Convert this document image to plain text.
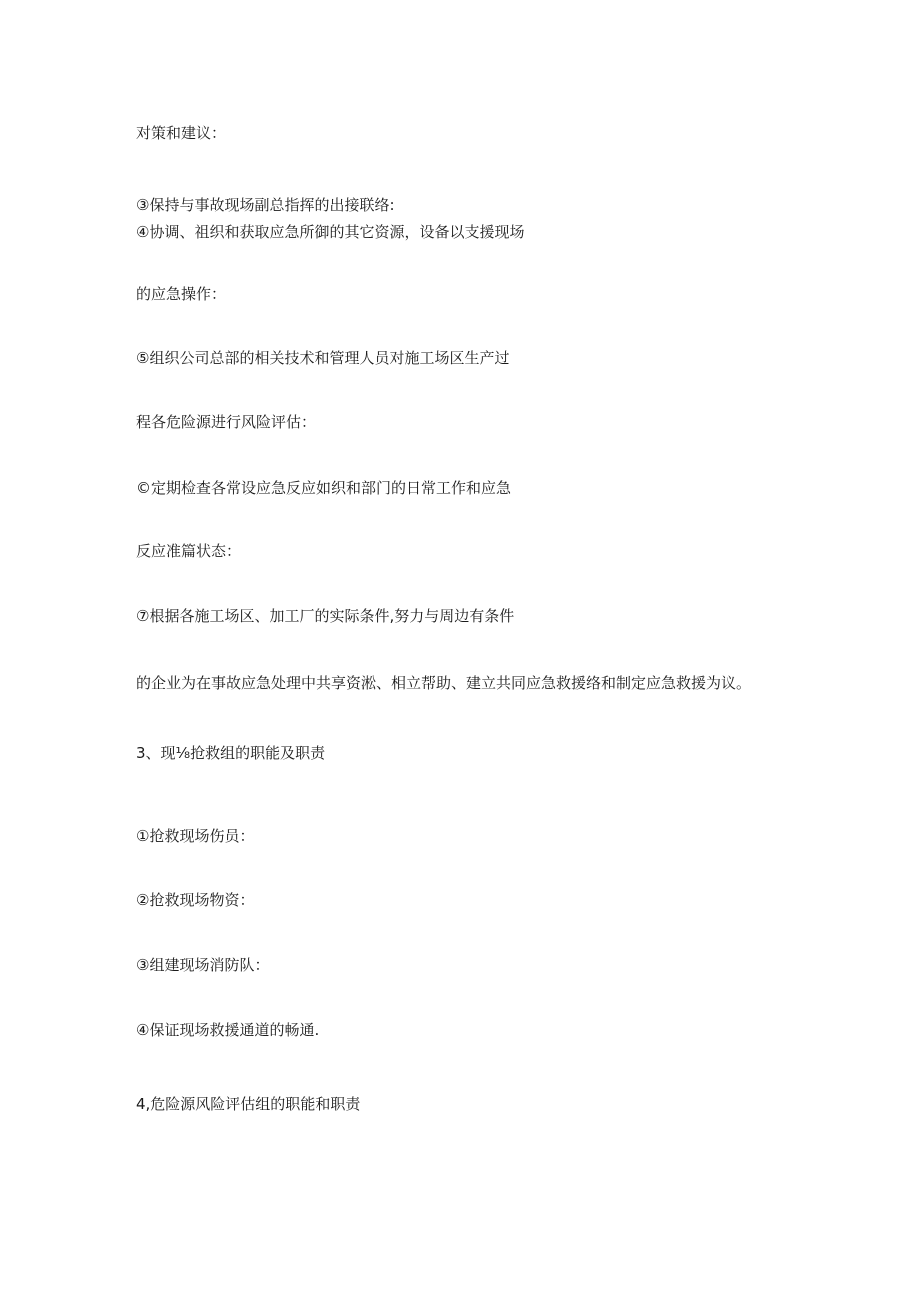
对策和建议：
③保持与事故现场副总指挥的出接联络:
④协调、祖织和获取应急所御的其它资源，设备以支援现场
的应急操作：
⑤组织公司总部的相关技术和管理人员对施工场区生产过
程各危险源进行风险评估：
©定期检查各常设应急反应如织和部门的日常工作和应急
反应准篇状态：
⑦根据各施工场区、加工厂的实际条件,努力与周边有条件
的企业为在事故应急处理中共享资淞、相立帮助、建立共同应急救援络和制定应急救援为议。
3、现⅛抢救组的职能及职责
①抢救现场伤员：
②抢救现场物资：
③组建现场消防队：
④保证现场救援通道的畅通.
4,危险源风险评估组的职能和职责
